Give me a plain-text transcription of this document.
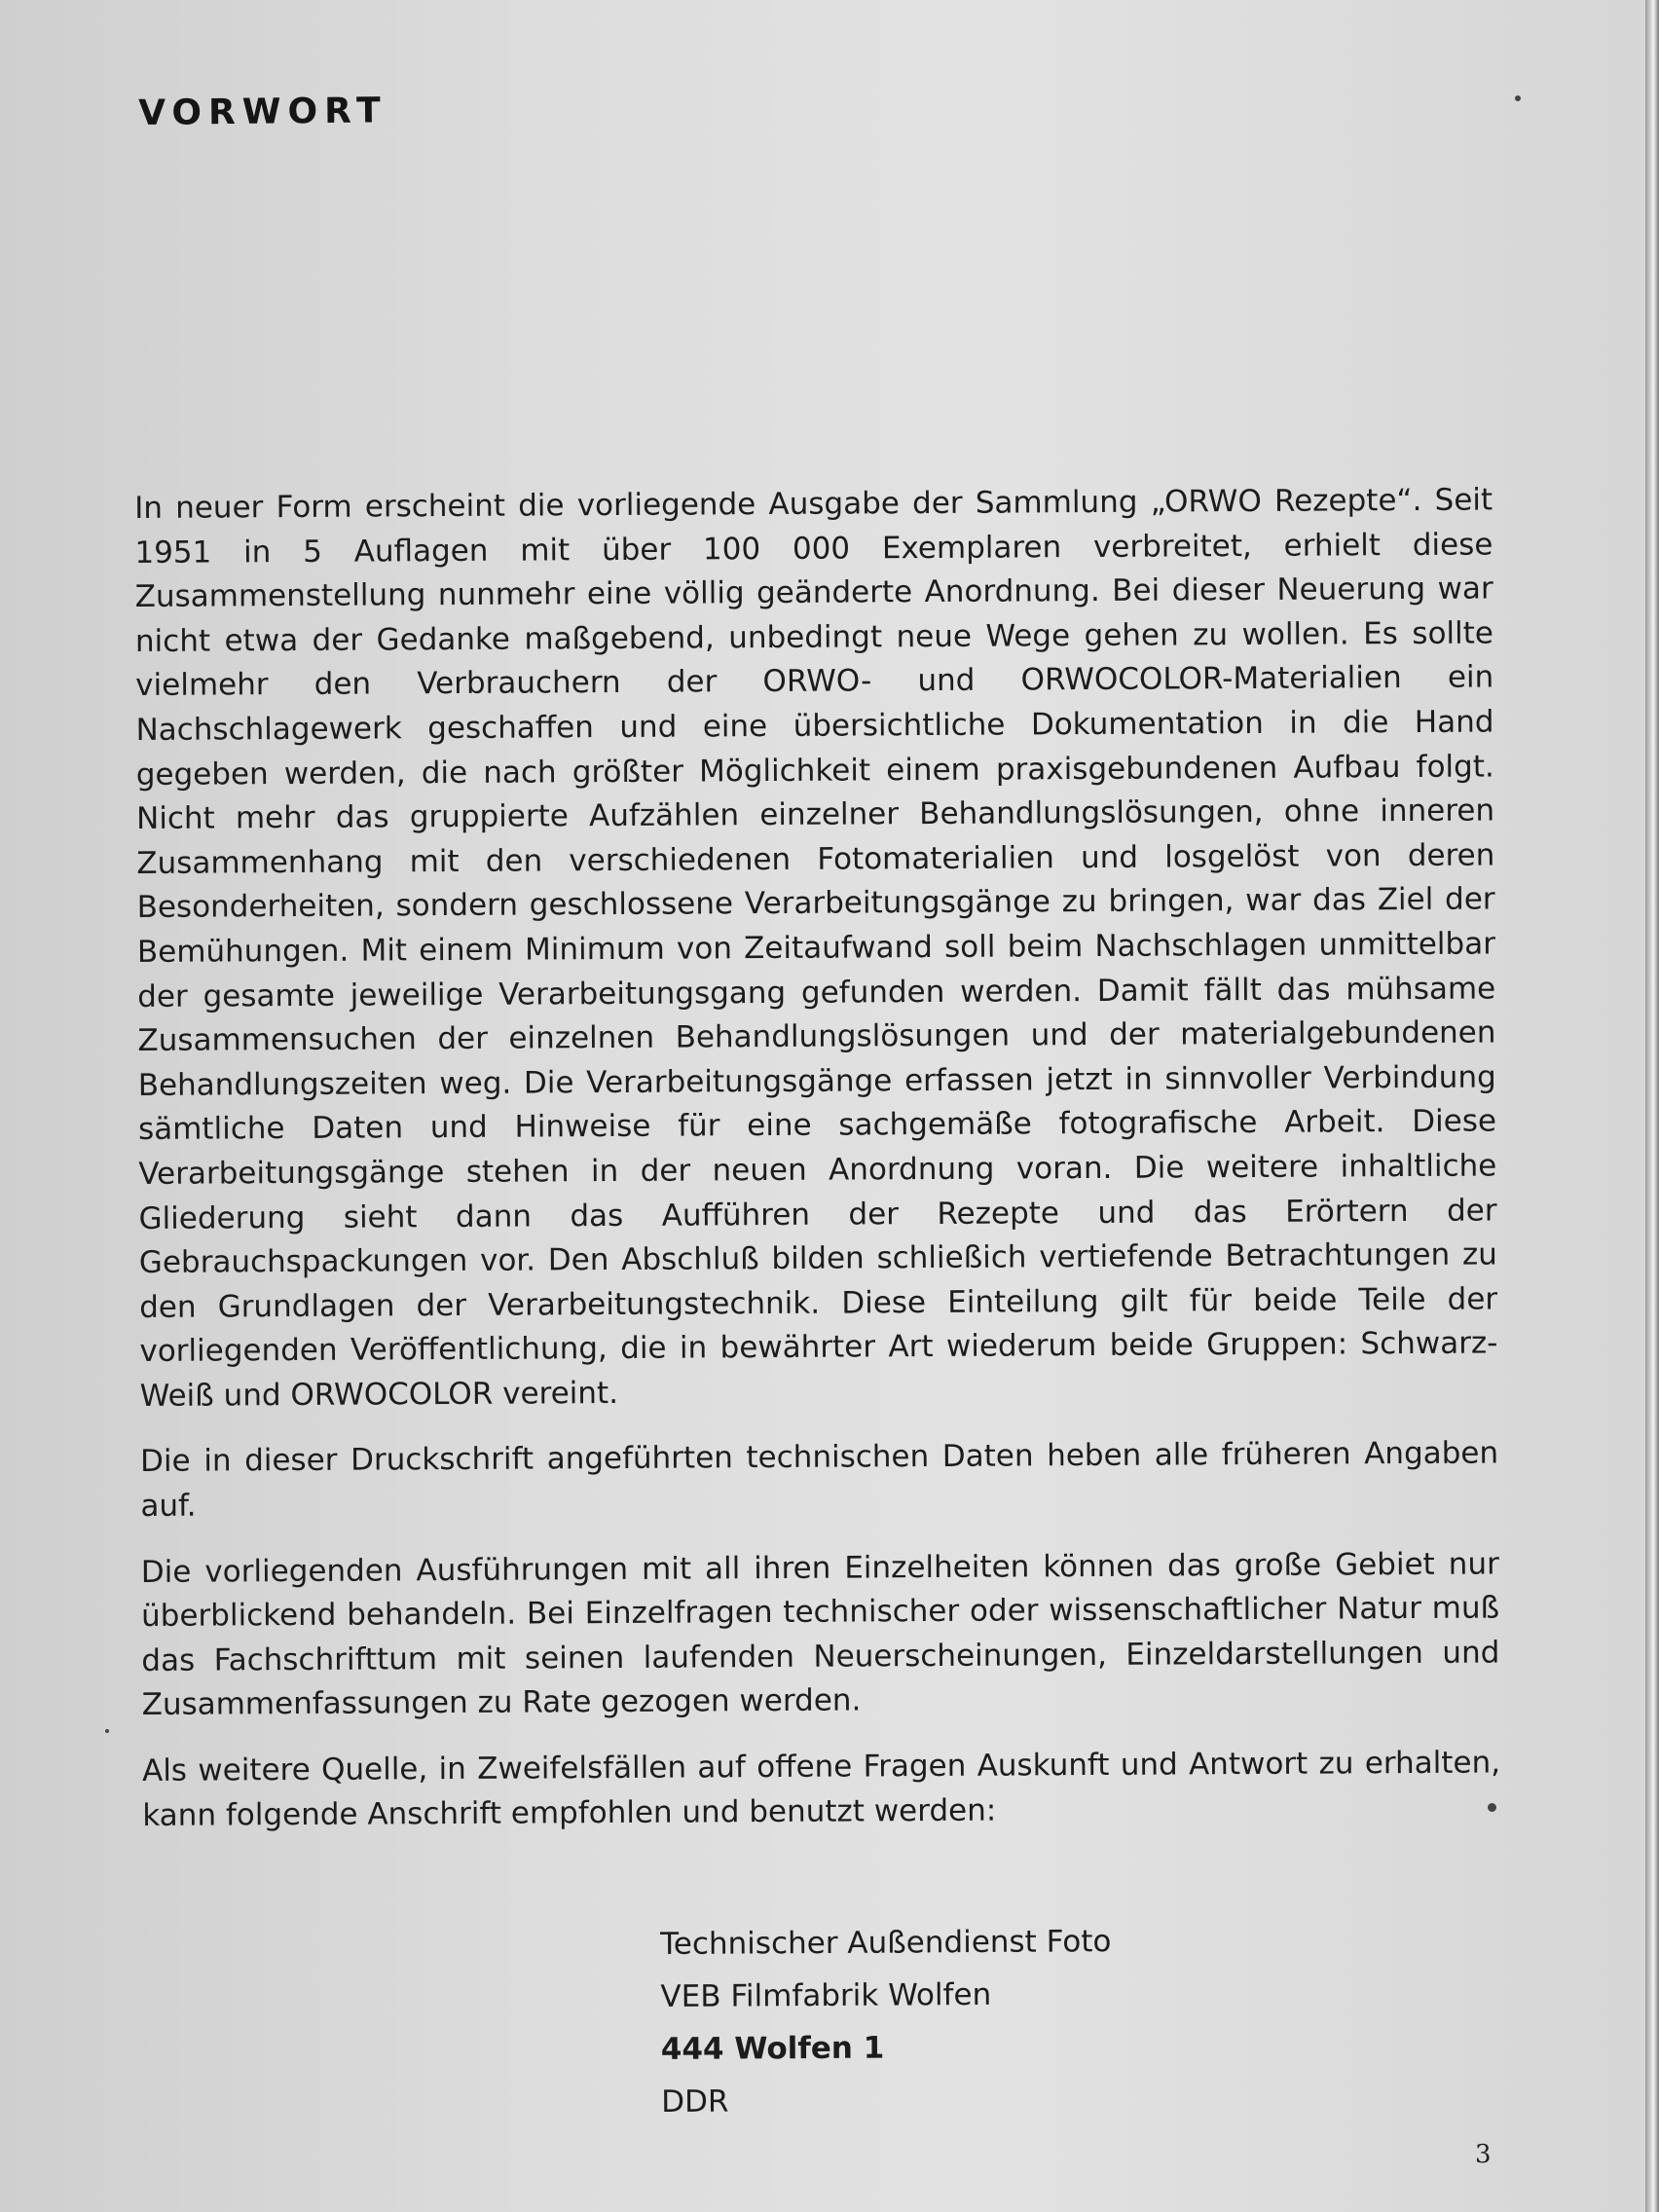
VORWORT

In neuer Form erscheint die vorliegende Ausgabe der Sammlung „ORWO Rezepte“. Seit 1951 in 5 Auflagen mit über 100 000 Exemplaren verbreitet, erhielt diese Zusammenstellung nunmehr eine völlig geänderte Anordnung. Bei dieser Neuerung war nicht etwa der Gedanke maßgebend, unbedingt neue Wege gehen zu wollen. Es sollte vielmehr den Verbrauchern der ORWO- und ORWOCOLOR-Materialien ein Nachschlagewerk geschaffen und eine übersichtliche Dokumentation in die Hand gegeben werden, die nach größter Möglichkeit einem praxisgebundenen Aufbau folgt. Nicht mehr das gruppierte Aufzählen einzelner Behandlungslösungen, ohne inneren Zusammenhang mit den verschiedenen Fotomaterialien und losgelöst von deren Besonderheiten, sondern geschlossene Verarbeitungsgänge zu bringen, war das Ziel der Bemühungen. Mit einem Minimum von Zeitaufwand soll beim Nachschlagen unmittelbar der gesamte jeweilige Verarbeitungsgang gefunden werden. Damit fällt das mühsame Zusammensuchen der einzelnen Behandlungslösungen und der materialgebundenen Behandlungszeiten weg. Die Verarbeitungsgänge erfassen jetzt in sinnvoller Verbindung sämtliche Daten und Hinweise für eine sachgemäße fotografische Arbeit. Diese Verarbeitungsgänge stehen in der neuen Anordnung voran. Die weitere inhaltliche Gliederung sieht dann das Aufführen der Rezepte und das Erörtern der Gebrauchspackungen vor. Den Abschluß bilden schließich vertiefende Betrachtungen zu den Grundlagen der Verarbeitungstechnik. Diese Einteilung gilt für beide Teile der vorliegenden Veröffentlichung, die in bewährter Art wiederum beide Gruppen: Schwarz-Weiß und ORWOCOLOR vereint.

Die in dieser Druckschrift angeführten technischen Daten heben alle früheren Angaben auf.

Die vorliegenden Ausführungen mit all ihren Einzelheiten können das große Gebiet nur überblickend behandeln. Bei Einzelfragen technischer oder wissenschaftlicher Natur muß das Fachschrifttum mit seinen laufenden Neuerscheinungen, Einzeldarstellungen und Zusammenfassungen zu Rate gezogen werden.

Als weitere Quelle, in Zweifelsfällen auf offene Fragen Auskunft und Antwort zu erhalten, kann folgende Anschrift empfohlen und benutzt werden:

Technischer Außendienst Foto
VEB Filmfabrik Wolfen
444 Wolfen 1
DDR
3
